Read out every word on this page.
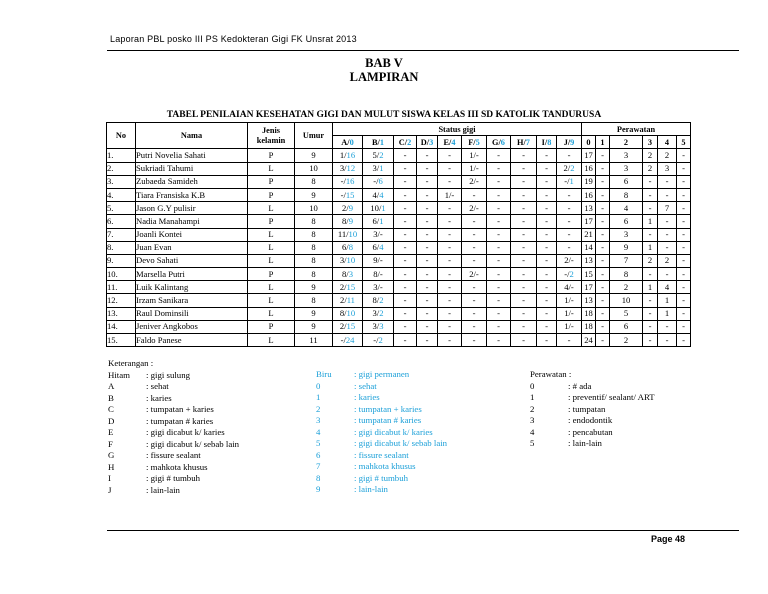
Laporan PBL posko III PS Kedokteran Gigi FK Unsrat 2013
BAB V
LAMPIRAN
TABEL PENILAIAN KESEHATAN GIGI DAN MULUT SISWA KELAS III SD KATOLIK TANDURUSA
No	Nama	Jenis kelamin	Umur	Status gigi										Perawatan					
				A/0	B/1	C/2	D/3	E/4	F/5	G/6	H/7	I/8	J/9	0	1	2	3	4	5
1.	Putri Novelia Sahati	P	9	1/16	5/2	-	-	-	1/-	-	-	-	-	17	-	3	2	2	-
2.	Sukriadi Tahumi	L	10	3/12	3/1	-	-	-	1/-	-	-	-	2/2	16	-	3	2	3	-
3.	Zubaeda Samideh	P	8	-/16	-/6	-	-	-	2/-	-	-	-	-/1	19	-	6	-	-	-
4.	Tiara Fransiska K.B	P	9	-/15	4/4	-	-	1/-	-	-	-	-	-	16	-	8	-	-	-
5.	Jason G.Y pulisir	L	10	2/9	10/1	-	-	-	2/-	-	-	-	-	13	-	4	-	7	-
6.	Nadia Manahampi	P	8	8/9	6/1	-	-	-	-	-	-	-	-	17	-	6	1	-	-
7.	Joanli Kontei	L	8	11/10	3/-	-	-	-	-	-	-	-	-	21	-	3	-	-	-
8.	Juan Evan	L	8	6/8	6/4	-	-	-	-	-	-	-	-	14	-	9	1	-	-
9.	Devo Sahati	L	8	3/10	9/-	-	-	-	-	-	-	-	2/-	13	-	7	2	2	-
10.	Marsella Putri	P	8	8/3	8/-	-	-	-	2/-	-	-	-	-/2	15	-	8	-	-	-
11.	Luik Kalintang	L	9	2/15	3/-	-	-	-	-	-	-	-	4/-	17	-	2	1	4	-
12.	Irzam Sanikara	L	8	2/11	8/2	-	-	-	-	-	-	-	1/-	13	-	10	-	1	-
13.	Raul Dominsili	L	9	8/10	3/2	-	-	-	-	-	-	-	1/-	18	-	5	-	1	-
14.	Jeniver Angkobos	P	9	2/15	3/3	-	-	-	-	-	-	-	1/-	18	-	6	-	-	-
15.	Faldo Panese	L	11	-/24	-/2	-	-	-	-	-	-	-	-	24	-	2	-	-	-
Keterangan :
Hitam	: gigi sulung
A	: sehat
B	: karies
C	: tumpatan + karies
D	: tumpatan # karies
E	: gigi dicabut k/ karies
F	: gigi dicabut k/ sebab lain
G	: fissure sealant
H	: mahkota khusus
I	: gigi # tumbuh
J	: lain-lain
Biru	: gigi permanen
0	: sehat
1	: karies
2	: tumpatan + karies
3	: tumpatan # karies
4	: gigi dicabut k/ karies
5	: gigi dicabut k/ sebab lain
6	: fissure sealant
7	: mahkota khusus
8	: gigi # tumbuh
9	: lain-lain
Perawatan :
0	: # ada
1	: preventif/ sealant/ ART
2	: tumpatan
3	: endodontik
4	: pencabutan
5	: lain-lain
Page 48
